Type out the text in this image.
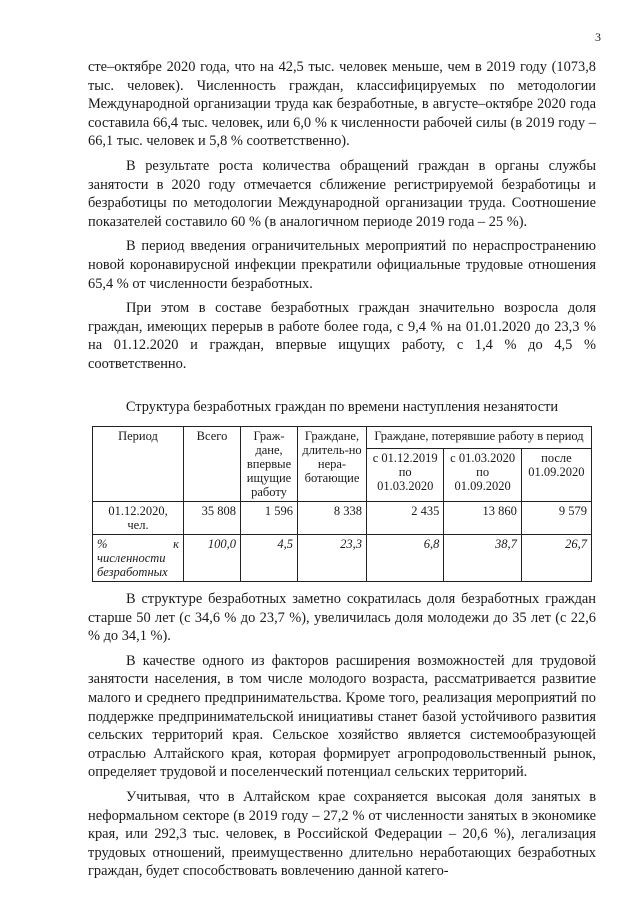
3

сте–октябре 2020 года, что на 42,5 тыс. человек меньше, чем в 2019 году (1073,8 тыс. человек). Численность граждан, классифицируемых по методологии Международной организации труда как безработные, в августе–октябре 2020 года составила 66,4 тыс. человек, или 6,0 % к численности рабочей силы (в 2019 году – 66,1 тыс. человек и 5,8 % соответственно).

В результате роста количества обращений граждан в органы службы занятости в 2020 году отмечается сближение регистрируемой безработицы и безработицы по методологии Международной организации труда. Соотношение показателей составило 60 % (в аналогичном периоде 2019 года – 25 %).

В период введения ограничительных мероприятий по нераспространению новой коронавирусной инфекции прекратили официальные трудовые отношения 65,4 % от численности безработных.

При этом в составе безработных граждан значительно возросла доля граждан, имеющих перерыв в работе более года, с 9,4 % на 01.01.2020 до 23,3 % на 01.12.2020 и граждан, впервые ищущих работу, с 1,4 % до 4,5 % соответственно.

Структура безработных граждан по времени наступления незанятости
Период	Всего	Граж-дане, впервые ищущие работу	Граждане, длитель-но нера-ботающие	Граждане, потерявшие работу в период		
				с 01.12.2019 по 01.03.2020	с 01.03.2020 по 01.09.2020	после 01.09.2020
01.12.2020, чел.	35 808	1 596	8 338	2 435	13 860	9 579
% к численности безработных	100,0	4,5	23,3	6,8	38,7	26,7

В структуре безработных заметно сократилась доля безработных граждан старше 50 лет (с 34,6 % до 23,7 %), увеличилась доля молодежи до 35 лет (с 22,6 % до 34,1 %).

В качестве одного из факторов расширения возможностей для трудовой занятости населения, в том числе молодого возраста, рассматривается развитие малого и среднего предпринимательства. Кроме того, реализация мероприятий по поддержке предпринимательской инициативы станет базой устойчивого развития сельских территорий края. Сельское хозяйство является системообразующей отраслью Алтайского края, которая формирует агропродовольственный рынок, определяет трудовой и поселенческий потенциал сельских территорий.

Учитывая, что в Алтайском крае сохраняется высокая доля занятых в неформальном секторе (в 2019 году – 27,2 % от численности занятых в экономике края, или 292,3 тыс. человек, в Российской Федерации – 20,6 %), легализация трудовых отношений, преимущественно длительно неработающих безработных граждан, будет способствовать вовлечению данной катего-
